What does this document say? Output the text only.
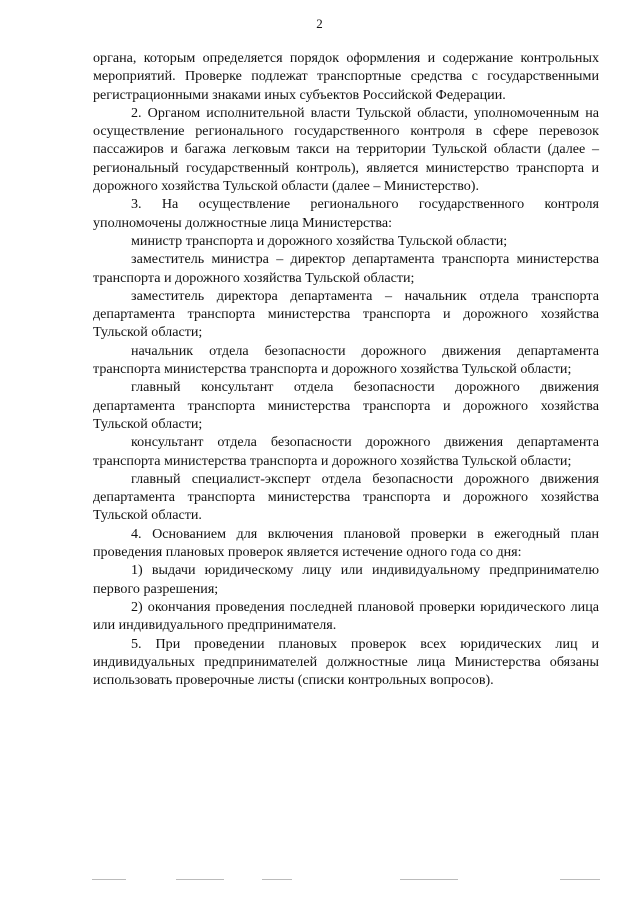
2

органа, которым определяется порядок оформления и содержание контрольных мероприятий. Проверке подлежат транспортные средства с государственными регистрационными знаками иных субъектов Российской Федерации.

2. Органом исполнительной власти Тульской области, уполномоченным на осуществление регионального государственного контроля в сфере перевозок пассажиров и багажа легковым такси на территории Тульской области (далее – региональный государственный контроль), является министерство транспорта и дорожного хозяйства Тульской области (далее – Министерство).

3. На осуществление регионального государственного контроля уполномочены должностные лица Министерства:

министр транспорта и дорожного хозяйства Тульской области;

заместитель министра – директор департамента транспорта министерства транспорта и дорожного хозяйства Тульской области;

заместитель директора департамента – начальник отдела транспорта департамента транспорта министерства транспорта и дорожного хозяйства Тульской области;

начальник отдела безопасности дорожного движения департамента транспорта министерства транспорта и дорожного хозяйства Тульской области;

главный консультант отдела безопасности дорожного движения департамента транспорта министерства транспорта и дорожного хозяйства Тульской области;

консультант отдела безопасности дорожного движения департамента транспорта министерства транспорта и дорожного хозяйства Тульской области;

главный специалист-эксперт отдела безопасности дорожного движения департамента транспорта министерства транспорта и дорожного хозяйства Тульской области.

4. Основанием для включения плановой проверки в ежегодный план проведения плановых проверок является истечение одного года со дня:

1) выдачи юридическому лицу или индивидуальному предпринимателю первого разрешения;

2) окончания проведения последней плановой проверки юридического лица или индивидуального предпринимателя.

5. При проведении плановых проверок всех юридических лиц и индивидуальных предпринимателей должностные лица Министерства обязаны использовать проверочные листы (списки контрольных вопросов).
